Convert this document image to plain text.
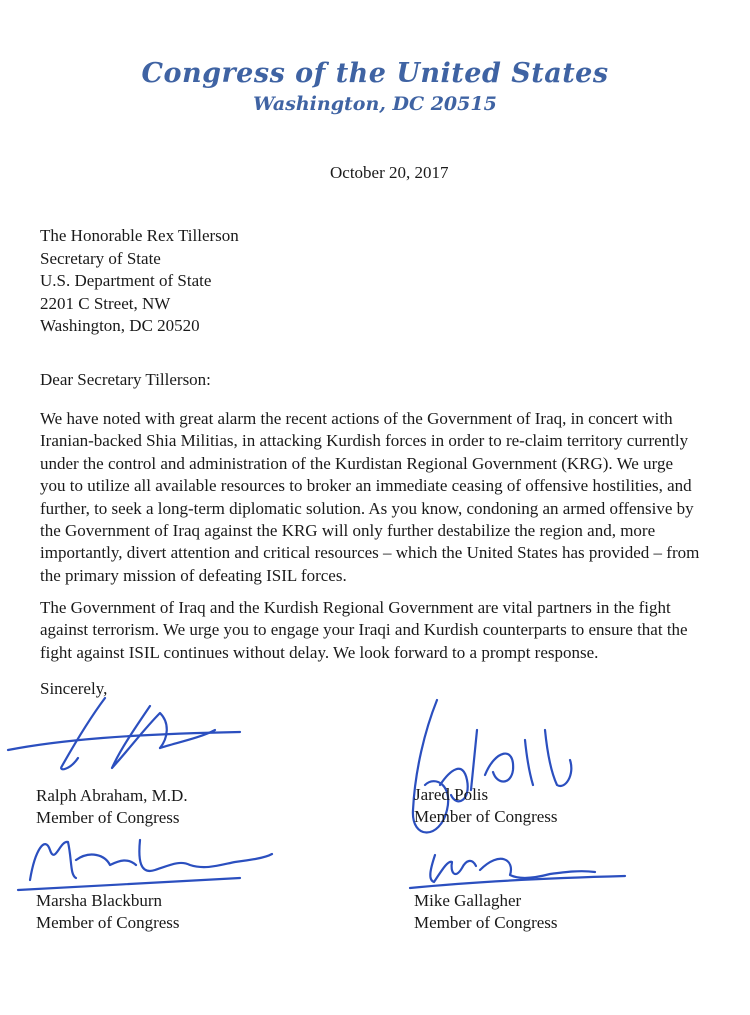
Congress of the United States
Washington, DC 20515
October 20, 2017
The Honorable Rex Tillerson
Secretary of State
U.S. Department of State
2201 C Street, NW
Washington, DC 20520
Dear Secretary Tillerson:
We have noted with great alarm the recent actions of the Government of Iraq, in concert with
Iranian-backed Shia Militias, in attacking Kurdish forces in order to re-claim territory currently
under the control and administration of the Kurdistan Regional Government (KRG). We urge
you to utilize all available resources to broker an immediate ceasing of offensive hostilities, and
further, to seek a long-term diplomatic solution. As you know, condoning an armed offensive by
the Government of Iraq against the KRG will only further destabilize the region and, more
importantly, divert attention and critical resources – which the United States has provided – from
the primary mission of defeating ISIL forces.
The Government of Iraq and the Kurdish Regional Government are vital partners in the fight
against terrorism. We urge you to engage your Iraqi and Kurdish counterparts to ensure that the
fight against ISIL continues without delay. We look forward to a prompt response.
Sincerely,
Ralph Abraham, M.D.
Member of Congress
Jared Polis
Member of Congress
Marsha Blackburn
Member of Congress
Mike Gallagher
Member of Congress
